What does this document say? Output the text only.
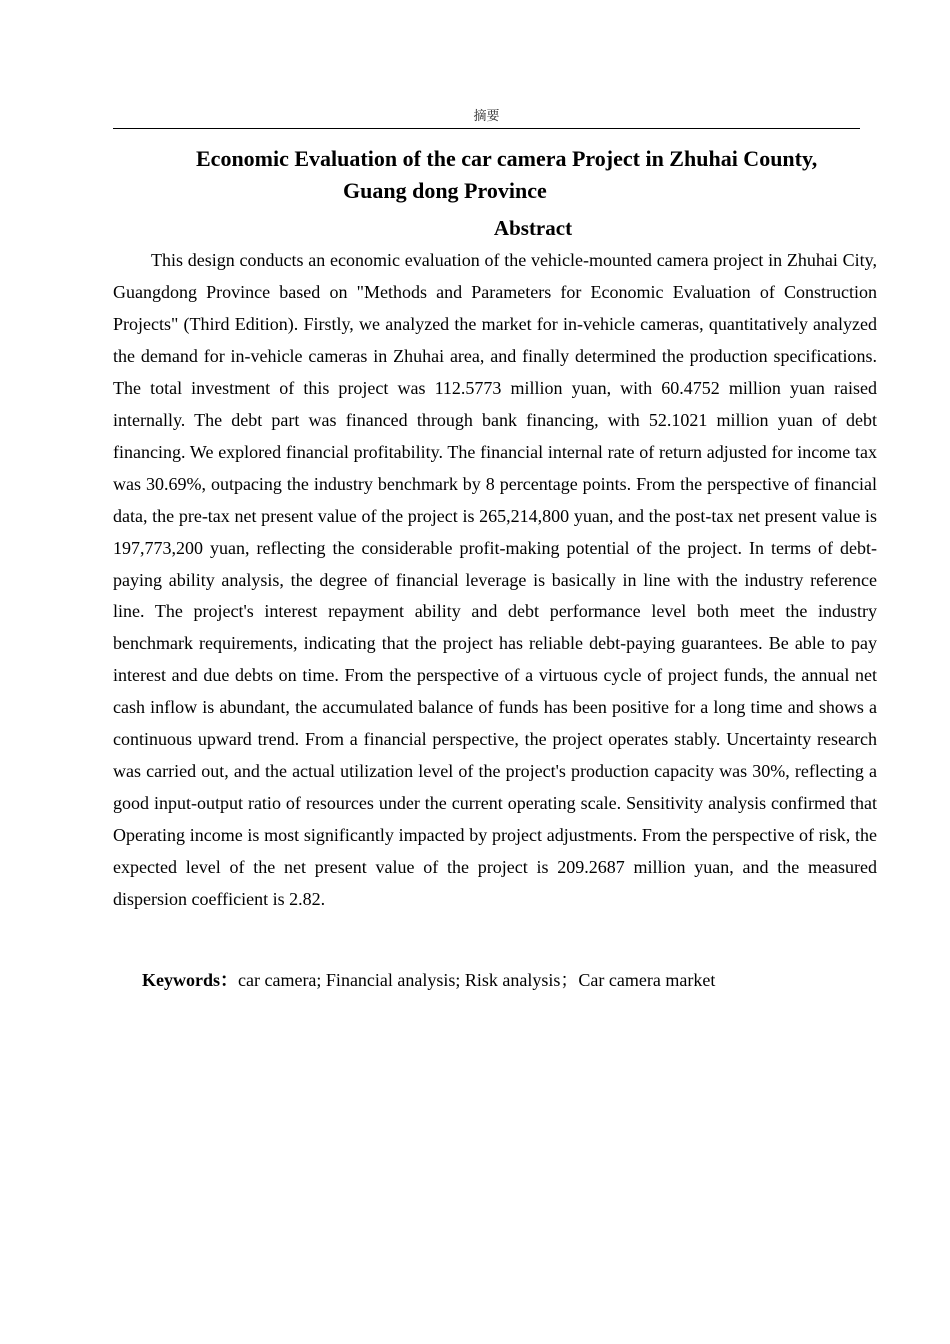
摘要
Economic Evaluation of the car camera Project in Zhuhai County,
Guang dong Province
Abstract

This design conducts an economic evaluation of the vehicle-mounted camera project in Zhuhai City, Guangdong Province based on "Methods and Parameters for Economic Evaluation of Construction Projects" (Third Edition). Firstly, we analyzed the market for in-vehicle cameras, quantitatively analyzed the demand for in-vehicle cameras in Zhuhai area, and finally determined the production specifications. The total investment of this project was 112.5773 million yuan, with 60.4752 million yuan raised internally. The debt part was financed through bank financing, with 52.1021 million yuan of debt financing. We explored financial profitability. The financial internal rate of return adjusted for income tax was 30.69%, outpacing the industry benchmark by 8 percentage points. From the perspective of financial data, the pre-tax net present value of the project is 265,214,800 yuan, and the post-tax net present value is 197,773,200 yuan, reflecting the considerable profit-making potential of the project. In terms of debt-paying ability analysis, the degree of financial leverage is basically in line with the industry reference line. The project's interest repayment ability and debt performance level both meet the industry benchmark requirements, indicating that the project has reliable debt-paying guarantees. Be able to pay interest and due debts on time. From the perspective of a virtuous cycle of project funds, the annual net cash inflow is abundant, the accumulated balance of funds has been positive for a long time and shows a continuous upward trend. From a financial perspective, the project operates stably. Uncertainty research was carried out, and the actual utilization level of the project's production capacity was 30%, reflecting a good input-output ratio of resources under the current operating scale. Sensitivity analysis confirmed that Operating income is most significantly impacted by project adjustments. From the perspective of risk, the expected level of the net present value of the project is 209.2687 million yuan, and the measured dispersion coefficient is 2.82.

Keywords：car camera; Financial analysis; Risk analysis；Car camera market
